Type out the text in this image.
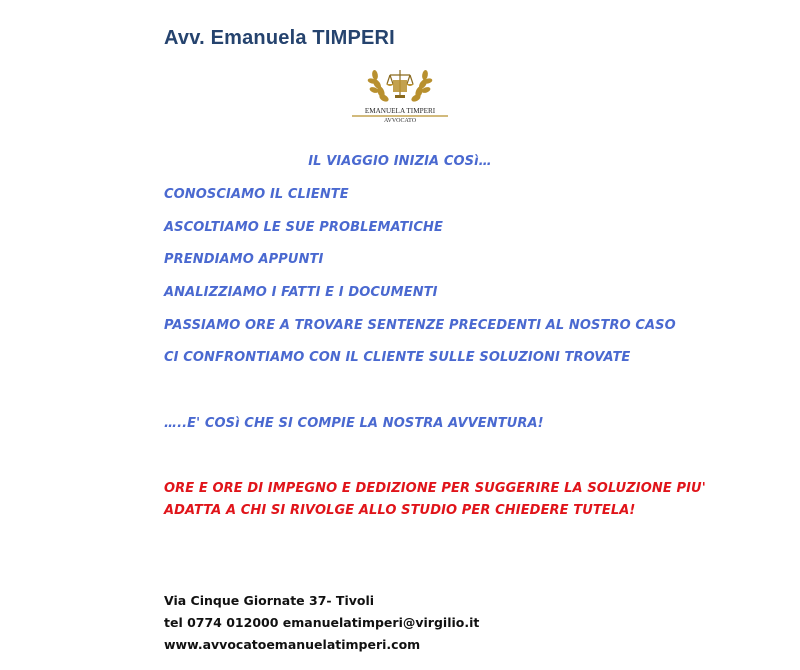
Avv. Emanuela TIMPERI
EMANUELA TIMPERI
AVVOCATO
IL VIAGGIO INIZIA COSì…
CONOSCIAMO IL CLIENTE
ASCOLTIAMO LE SUE PROBLEMATICHE
PRENDIAMO APPUNTI
ANALIZZIAMO I FATTI E I DOCUMENTI
PASSIAMO ORE A TROVARE SENTENZE PRECEDENTI AL NOSTRO CASO
CI CONFRONTIAMO CON IL CLIENTE SULLE SOLUZIONI TROVATE
…..E' COSì CHE SI COMPIE LA NOSTRA AVVENTURA!
ORE E ORE DI IMPEGNO E DEDIZIONE PER SUGGERIRE LA SOLUZIONE PIU'
ADATTA A CHI SI RIVOLGE ALLO STUDIO PER CHIEDERE TUTELA!
Via Cinque Giornate 37- Tivoli
tel 0774 012000 emanuelatimperi@virgilio.it
www.avvocatoemanuelatimperi.com
